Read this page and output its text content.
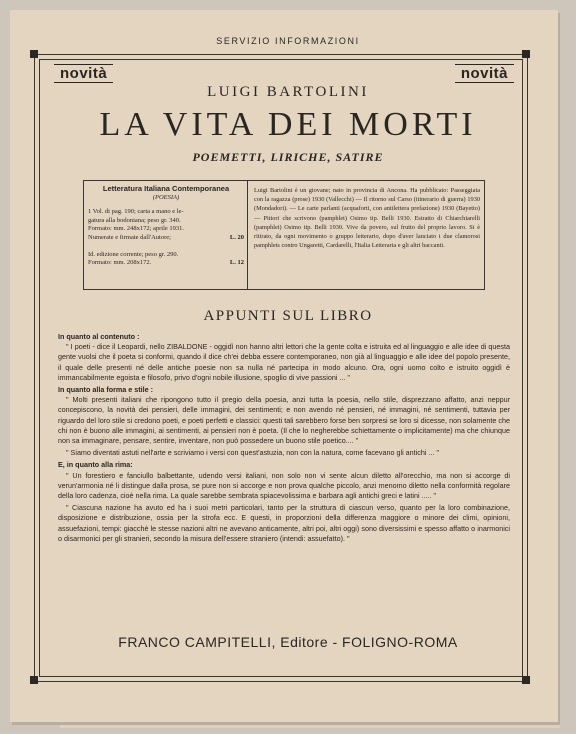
SERVIZIO INFORMAZIONI
novità	novità
LUIGI BARTOLINI
LA VITA DEI MORTI
POEMETTI, LIRICHE, SATIRE
Letteratura Italiana Contemporanea
(POESIA)
1 Vol. di pag. 190; carta a mano e le-
gatura alla bodoniana; peso gr. 340.
Formato: mm. 248x172; aprile 1931.
Numerate e firmate dall'Autore;	L. 20
Id. edizione corrente; peso gr. 290.
Formato: mm. 208x172.	L. 12
Luigi Bartolini è un giovane; nato in provincia di Ancona. Ha pubblicato: Passeggiata con la ragazza (prose) 1930 (Vallecchi) — Il ritorno sul Carso (itinerario di guerra) 1930 (Mondadori). — Le carte parlanti (acquaforti, con antilettera prefazione) 1930 (Bayetto) — Pittori che scrivono (pamphlet) Osimo tip. Belli 1930. Estratto di Chiarchiarelli (pamphlet) Osimo tip. Belli 1930. Vive da povero, sul frutto del proprio lavoro. Si è ritirato, da ogni movimento o gruppo letterario, dopo d'aver lanciato i due clamorosi pamphlets contro Ungaretti, Cardarelli, l'Italia Letteraria e gli altri baccanti.
APPUNTI SUL LIBRO
In quanto al contenuto :

" I poeti - dice il Leopardi, nello ZIBALDONE - oggidì non hanno altri lettori che la gente colta e istruita ed al linguaggio e alle idee di questa gente vuolsi che il poeta si conformi, quando il dice ch'ei debba essere contemporaneo, non già al linguaggio e alle idee del popolo presente, il quale delle presenti né delle antiche poesie non sa nulla né partecipa in modo alcuno. Ora, ogni uomo colto e istruito oggidì è immancabilmente egoista e filosofo, privo d'ogni nobile illusione, spoglio di vive passioni ... "

In quanto alla forma e stile :

" Molti presenti italiani che ripongono tutto il pregio della poesia, anzi tutta la poesia, nello stile, disprezzano affatto, anzi neppur concepiscono, la novità dei pensieri, delle immagini, dei sentimenti; e non avendo né pensieri, né immagini, né sentimenti, tuttavia per riguardo del loro stile si credono poeti, e poeti perfetti e classici: questi tali sarebbero forse ben sorpresi se loro si dicesse, non solamente che chi non è buono alle immagini, ai sentimenti, ai pensieri non è poeta. (Il che lo negherebbe schiettamente o implicitamente) ma che chiunque non sa immaginare, pensare, sentire, inventare, non può possedere un buono stile poetico.... "

" Siamo diventati astuti nell'arte e scriviamo i versi con quest'astuzia, non con la natura, come facevano gli antichi ... "

E, in quanto alla rima:

" Un forestiero e fanciullo balbettante, udendo versi italiani, non solo non vi sente alcun diletto all'orecchio, ma non si accorge di verun'armonia né li distingue dalla prosa, se pure non si accorge e non prova qualche piccolo, anzi menomo diletto nella conformità regolare della loro cadenza, cioè nella rima. La quale sarebbe sembrata spiacevolissima e barbara agli antichi greci e latini ..... "

" Ciascuna nazione ha avuto ed ha i suoi metri particolari, tanto per la struttura di ciascun verso, quanto per la loro combinazione, disposizione e distribuzione, ossia per la strofa ecc. E questi, in proporzioni della differenza maggiore o minore dei climi, opinioni, assuefazioni, tempi: giacchè le stesse nazioni altri ne avevano anticamente, altri poi, altri oggi) sono diversissimi e spesso affatto o inarmonici o disarmonici per gli stranieri, secondo la misura dell'essere straniero (intendi: assuefatto). "

FRANCO CAMPITELLI, Editore - FOLIGNO-ROMA
